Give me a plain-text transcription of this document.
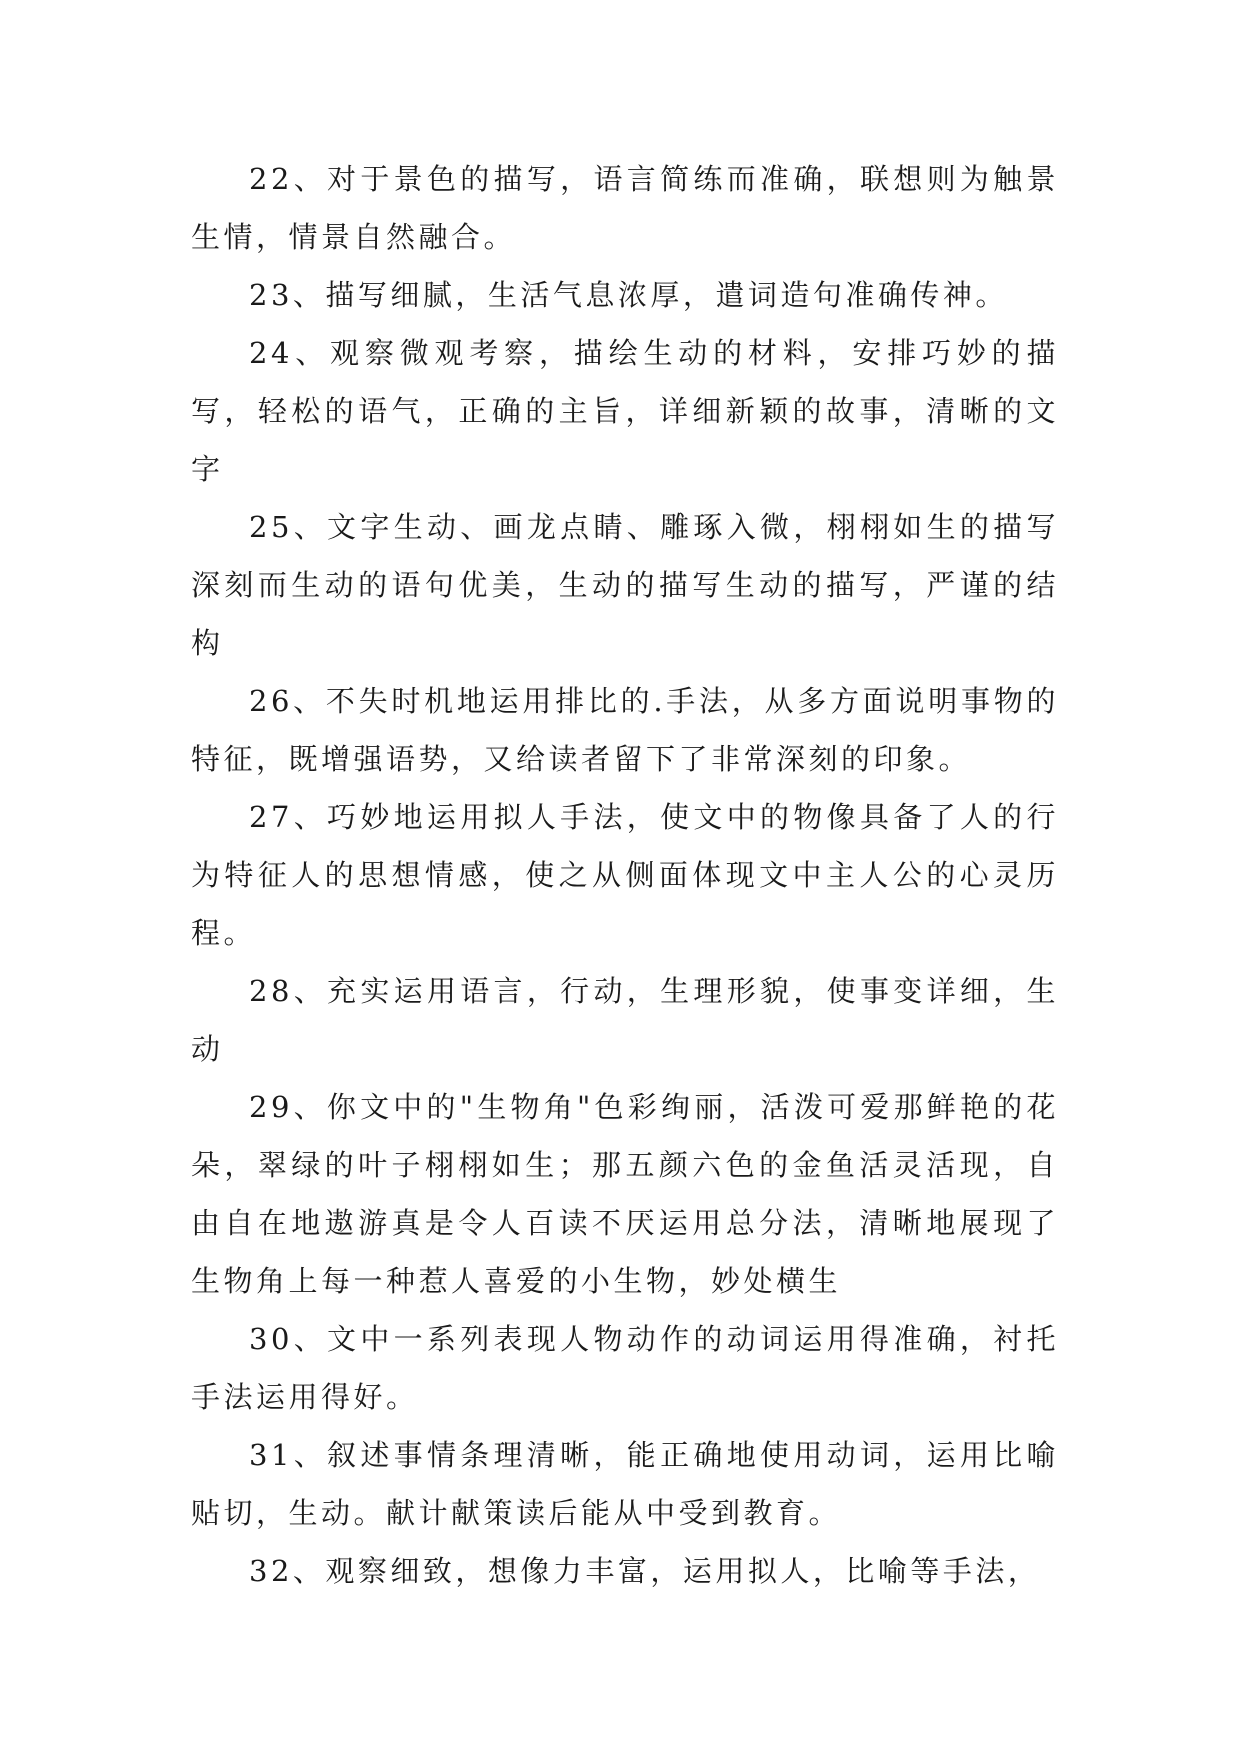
22、对于景色的描写，语言简练而准确，联想则为触景生情，情景自然融合。

23、描写细腻，生活气息浓厚，遣词造句准确传神。

24、观察微观考察，描绘生动的材料，安排巧妙的描写，轻松的语气，正确的主旨，详细新颖的故事，清晰的文字

25、文字生动、画龙点睛、雕琢入微，栩栩如生的描写深刻而生动的语句优美，生动的描写生动的描写，严谨的结构

26、不失时机地运用排比的.手法，从多方面说明事物的特征，既增强语势，又给读者留下了非常深刻的印象。

27、巧妙地运用拟人手法，使文中的物像具备了人的行为特征人的思想情感，使之从侧面体现文中主人公的心灵历程。

28、充实运用语言，行动，生理形貌，使事变详细，生动

29、你文中的"生物角"色彩绚丽，活泼可爱那鲜艳的花朵，翠绿的叶子栩栩如生；那五颜六色的金鱼活灵活现，自由自在地遨游真是令人百读不厌运用总分法，清晰地展现了生物角上每一种惹人喜爱的小生物，妙处横生

30、文中一系列表现人物动作的动词运用得准确，衬托手法运用得好。

31、叙述事情条理清晰，能正确地使用动词，运用比喻贴切，生动。献计献策读后能从中受到教育。

32、观察细致，想像力丰富，运用拟人，比喻等手法，
